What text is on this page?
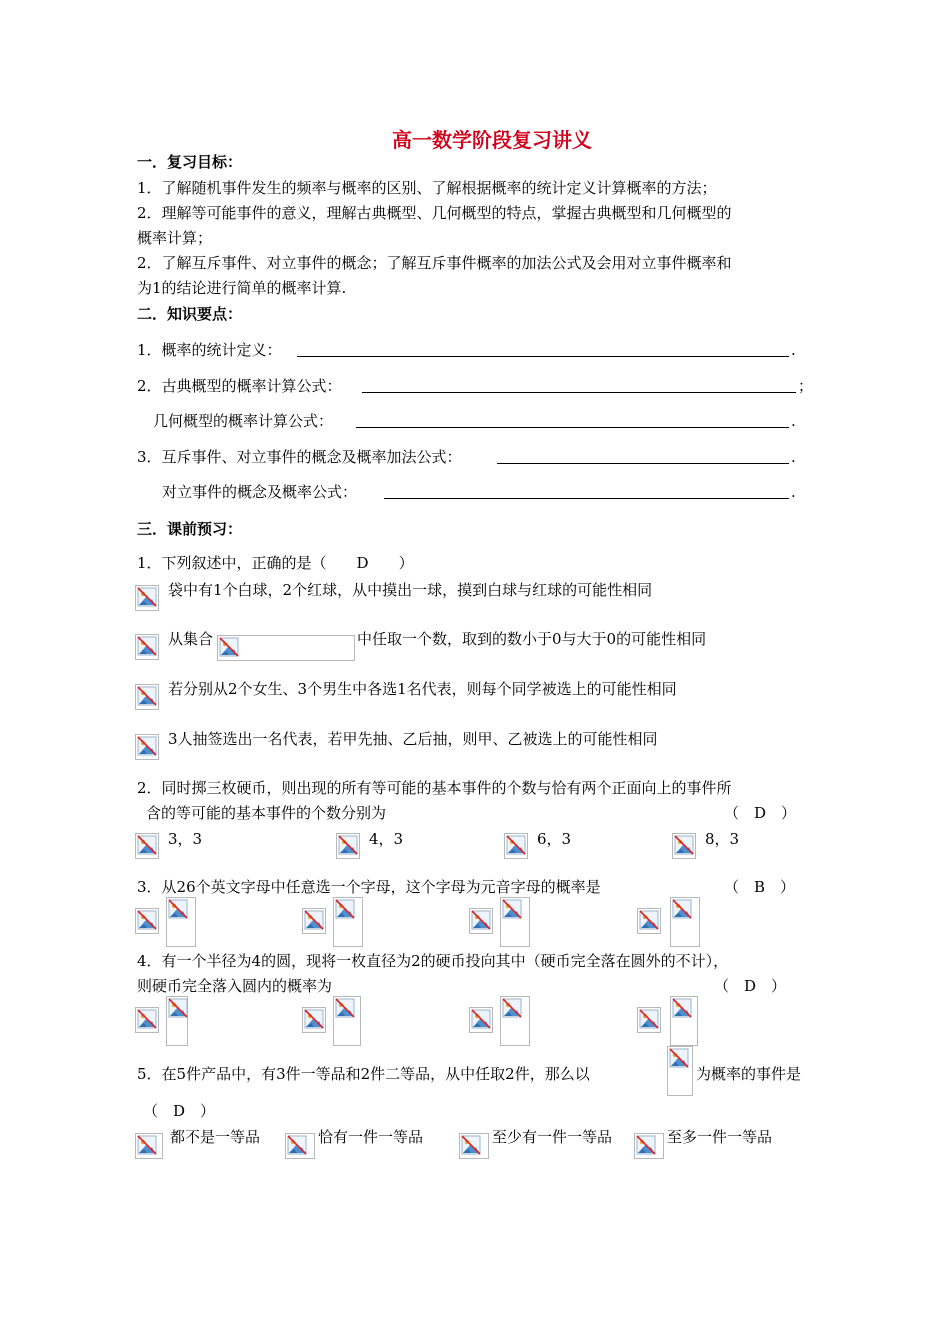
高一数学阶段复习讲义
一．复习目标：
1．了解随机事件发生的频率与概率的区别、了解根据概率的统计定义计算概率的方法；
2．理解等可能事件的意义，理解古典概型、几何概型的特点，掌握古典概型和几何概型的
概率计算；
2．了解互斥事件、对立事件的概念；了解互斥事件概率的加法公式及会用对立事件概率和
为1的结论进行简单的概率计算.
二．知识要点：
1．概率的统计定义：	.
2．古典概型的概率计算公式：	；
几何概型的概率计算公式：	.
3．互斥事件、对立事件的概念及概率加法公式：	.
对立事件的概念及概率公式：	.
三．课前预习：
1．下列叙述中，正确的是（　　D　　）
袋中有1个白球，2个红球，从中摸出一球，摸到白球与红球的可能性相同
从集合	中任取一个数，取到的数小于0与大于0的可能性相同
若分别从2个女生、3个男生中各选1名代表，则每个同学被选上的可能性相同
3人抽签选出一名代表，若甲先抽、乙后抽，则甲、乙被选上的可能性相同
2．同时掷三枚硬币，则出现的所有等可能的基本事件的个数与恰有两个正面向上的事件所
含的等可能的基本事件的个数分别为	（　D　）
3，3	4，3	6，3	8，3
3．从26个英文字母中任意选一个字母，这个字母为元音字母的概率是	（　B　）
4．有一个半径为4的圆，现将一枚直径为2的硬币投向其中（硬币完全落在圆外的不计），
则硬币完全落入圆内的概率为	（　D　）
5．在5件产品中，有3件一等品和2件二等品，从中任取2件，那么以	为概率的事件是
（　D　）
都不是一等品	恰有一件一等品	至少有一件一等品	至多一件一等品
